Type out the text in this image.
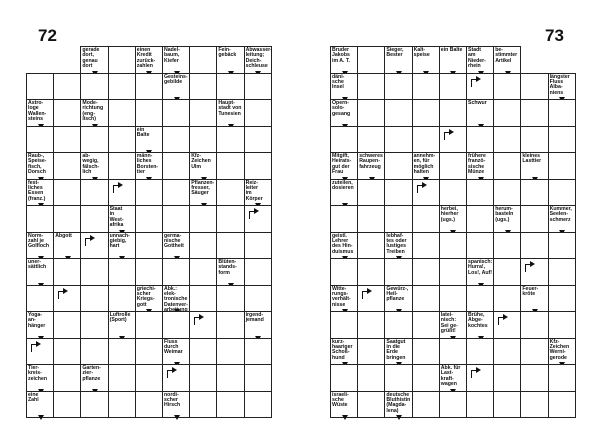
72	73
gerade
dort,
genau
dort
einen
Kredit
zurück-
zahlen
Nadel-
baum,
Kiefer
Fein-
gebäck
Abwasser-
leitung;
Deich-
schleuse
Gesteins-
gebilde
Astro-
loge
Wallen-
steins
Mode-
richtung
(eng-
lisch)
Haupt-
stadt von
Tunesien
ein
Balte
Raub-,
Speise-
fisch,
Dorsch
ab-
wegig,
fälsch-
lich
männ-
liches
Borsten-
tier
Kfz-
Zeichen
Ulm
fest-
liches
Essen
(franz.)
Pflanzen-
fresser,
Säuger
Reiz-
leiter
im
Körper
Staat
in
West-
afrika
Norm-
zahl je
Golfloch
Abgott	unnach-
giebig,
hart
germa-
nische
Gottheit
uner-
sättlich
Blüten-
stands-
form
griechi-
scher
Kriegs-
gott
Abk.: elek-
tronische
Datenver-

Yoga-
an-
hänger
Luftrolle
(Sport)
irgend-
jemand
Fluss
durch
Weimar
Tier-
kreis-
zeichen
Garten-
zier-
pflanze
eine
Zahl
nordi-
scher
Hirsch
Bruder
Jakobs
im A. T.
Sieger,
Bester
Kalt-
speise
ein Balte	Stadt
am
Nieder-
rhein
be-
stimmter
Artikel
däni-
sche
Insel
längster
Fluss
Alba-
niens
Opern-
solo-
gesang
Schwur
Mitgift,
Heirats-
gut der
Frau
schweres
Raupen-
fahrzeug
annehm-
en, für
möglich
halten
frühere
franzö-
sische
Münze
kleines
Lasttier
zuteilen,
dosieren
herbei,
hierher
(ugs.)
herum-
basteln
(ugs.)
Kummer,
Seelen-
schmerz
geistl.
Lehrer
des Hin-
duismus
lebhaf-
tes oder
lustiges
Treiben
spanisch:
Hurra!,
Los!, Auf!
Witte-
rungs-
verhält-
nisse
Gewürz-,
Heil-
pflanze
Feuer-
kröte
latei-
nisch:
Sei ge-
grüßt!
Brühe,
Abge-
kochtes
kurz-
haariger
Schoß-
hund
Saatgut
in die
Erde
bringen
Kfz-
Zeichen
Werni-
gerode
Abk. für
Last-
kraft-
wagen
israeli-
sche
Wüste
deutsche
Bluthistin
(Magda-
lena)
